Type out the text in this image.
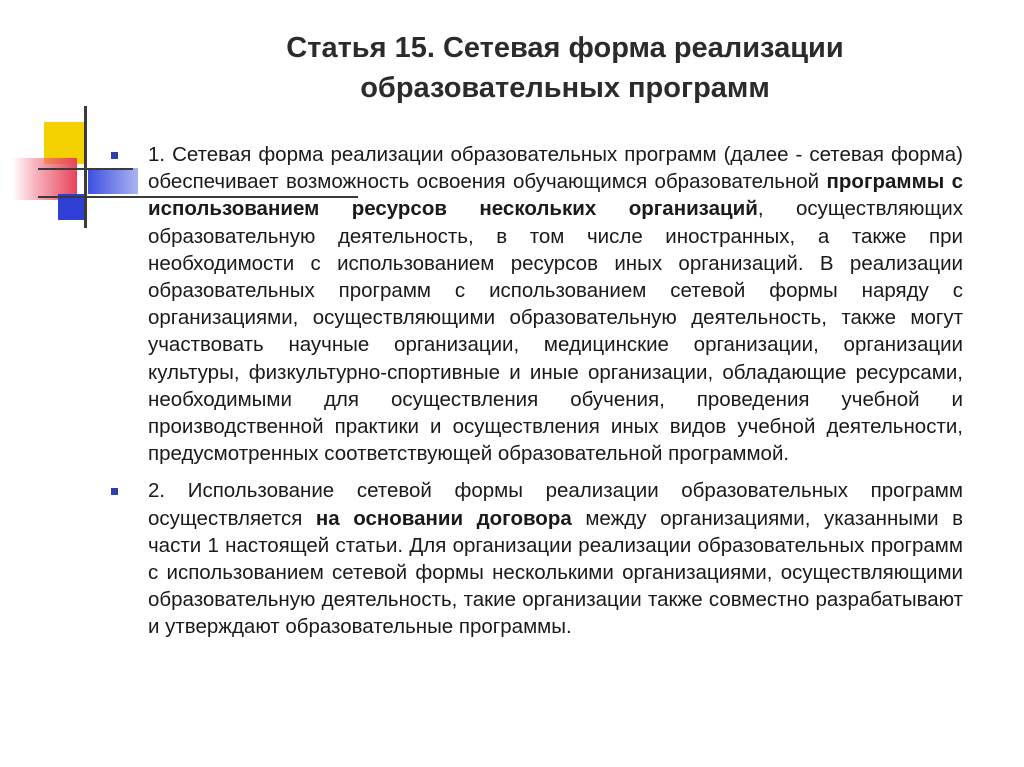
Статья 15. Сетевая форма реализации
образовательных программ
1. Сетевая форма реализации образовательных программ (далее - сетевая форма) обеспечивает возможность освоения обучающимся образовательной программы с использованием ресурсов нескольких организаций, осуществляющих образовательную деятельность, в том числе иностранных, а также при необходимости с использованием ресурсов иных организаций. В реализации образовательных программ с использованием сетевой формы наряду с организациями, осуществляющими образовательную деятельность, также могут участвовать научные организации, медицинские организации, организации культуры, физкультурно-спортивные и иные организации, обладающие ресурсами, необходимыми для осуществления обучения, проведения учебной и производственной практики и осуществления иных видов учебной деятельности, предусмотренных соответствующей образовательной программой.
2. Использование сетевой формы реализации образовательных программ осуществляется на основании договора между организациями, указанными в части 1 настоящей статьи. Для организации реализации образовательных программ с использованием сетевой формы несколькими организациями, осуществляющими образовательную деятельность, такие организации также совместно разрабатывают и утверждают образовательные программы.
